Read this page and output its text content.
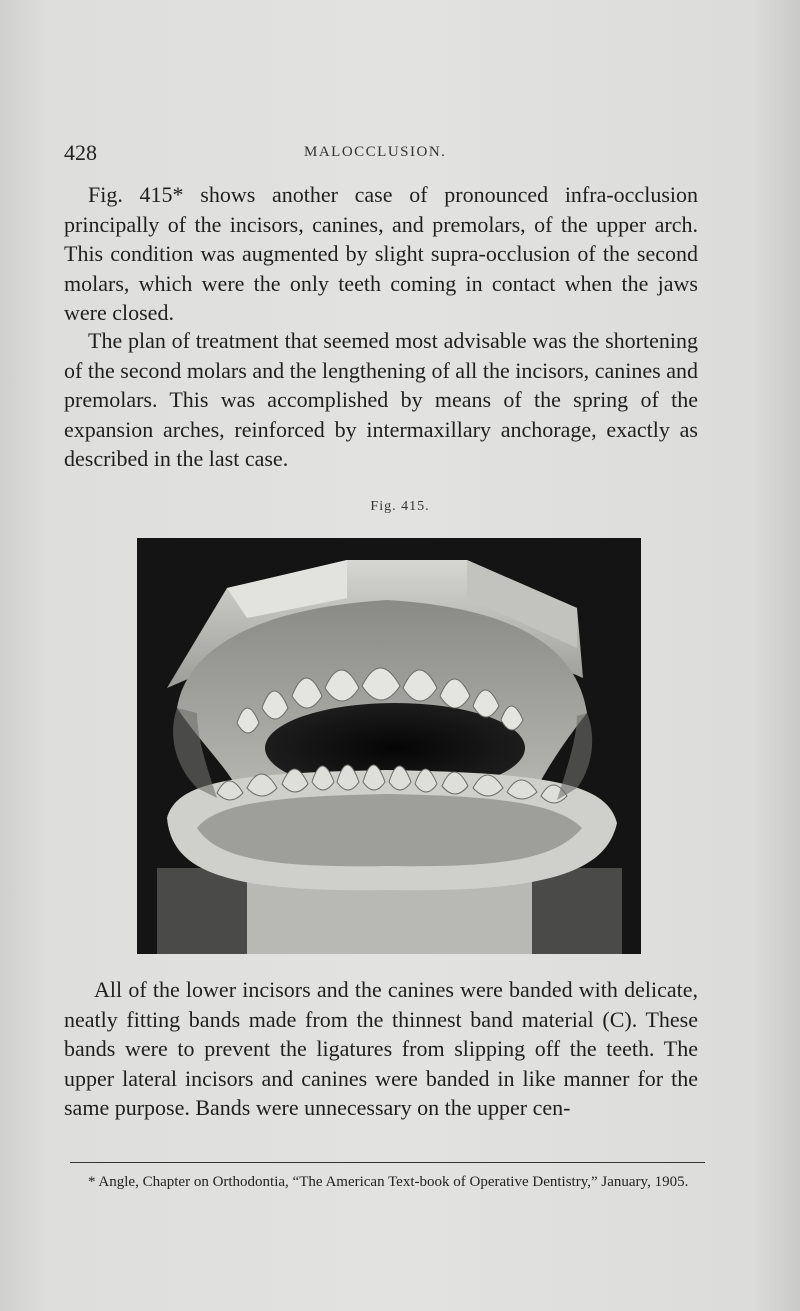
428	MALOCCLUSION.

Fig. 415* shows another case of pronounced infra-occlusion principally of the incisors, canines, and premolars, of the upper arch. This condition was augmented by slight supra-occlusion of the second molars, which were the only teeth coming in contact when the jaws were closed.

The plan of treatment that seemed most advisable was the shortening of the second molars and the lengthening of all the incisors, canines and premolars. This was accomplished by means of the spring of the expansion arches, reinforced by intermaxillary anchorage, exactly as described in the last case.

Fig. 415.

All of the lower incisors and the canines were banded with delicate, neatly fitting bands made from the thinnest band material (C). These bands were to prevent the ligatures from slipping off the teeth. The upper lateral incisors and canines were banded in like manner for the same purpose. Bands were unnecessary on the upper cen-

* Angle, Chapter on Orthodontia, “The American Text-book of Operative Dentistry,” January, 1905.
